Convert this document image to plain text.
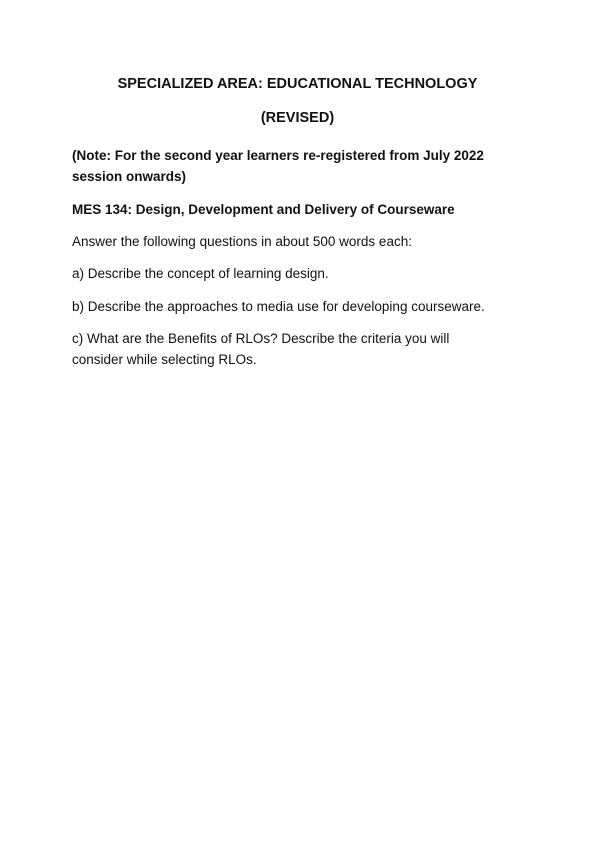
SPECIALIZED AREA: EDUCATIONAL TECHNOLOGY

(REVISED)

(Note: For the second year learners re-registered from July 2022
session onwards)

MES 134: Design, Development and Delivery of Courseware

Answer the following questions in about 500 words each:

a) Describe the concept of learning design.

b) Describe the approaches to media use for developing courseware.

c) What are the Benefits of RLOs? Describe the criteria you will
consider while selecting RLOs.
